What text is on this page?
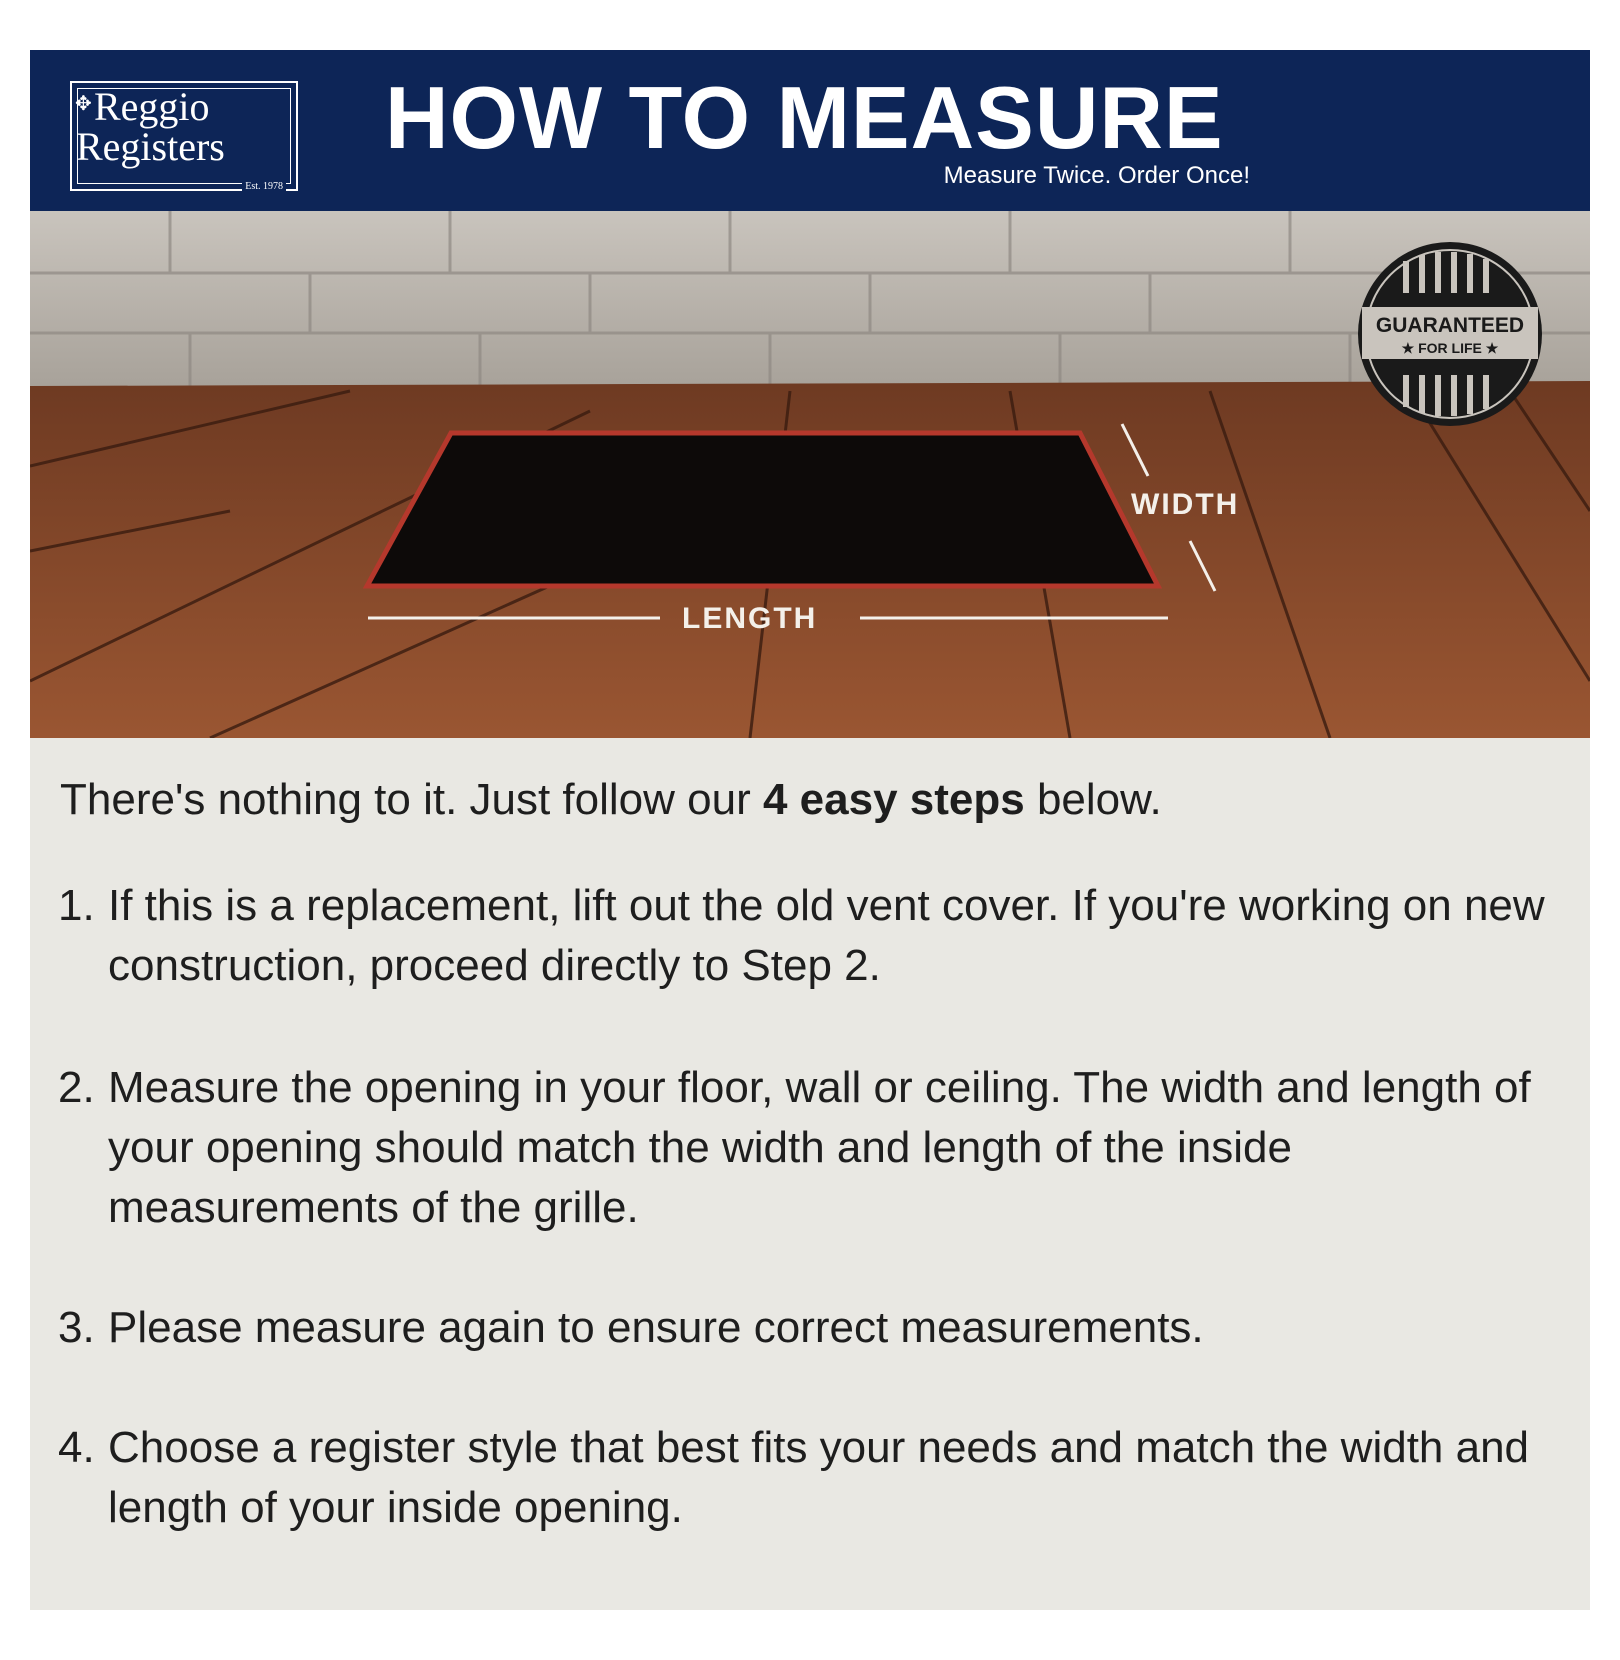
✥ Reggio
Registers
Est. 1978
HOW TO MEASURE
Measure Twice. Order Once!
WIDTH
LENGTH
GUARANTEED
★ FOR LIFE ★
There's nothing to it. Just follow our 4 easy steps below.
1. If this is a replacement, lift out the old vent cover. If you're working on new construction, proceed directly to Step 2.
2. Measure the opening in your floor, wall or ceiling. The width and length of your opening should match the width and length of the inside measurements of the grille.
3. Please measure again to ensure correct measurements.
4. Choose a register style that best fits your needs and match the width and length of your inside opening.
